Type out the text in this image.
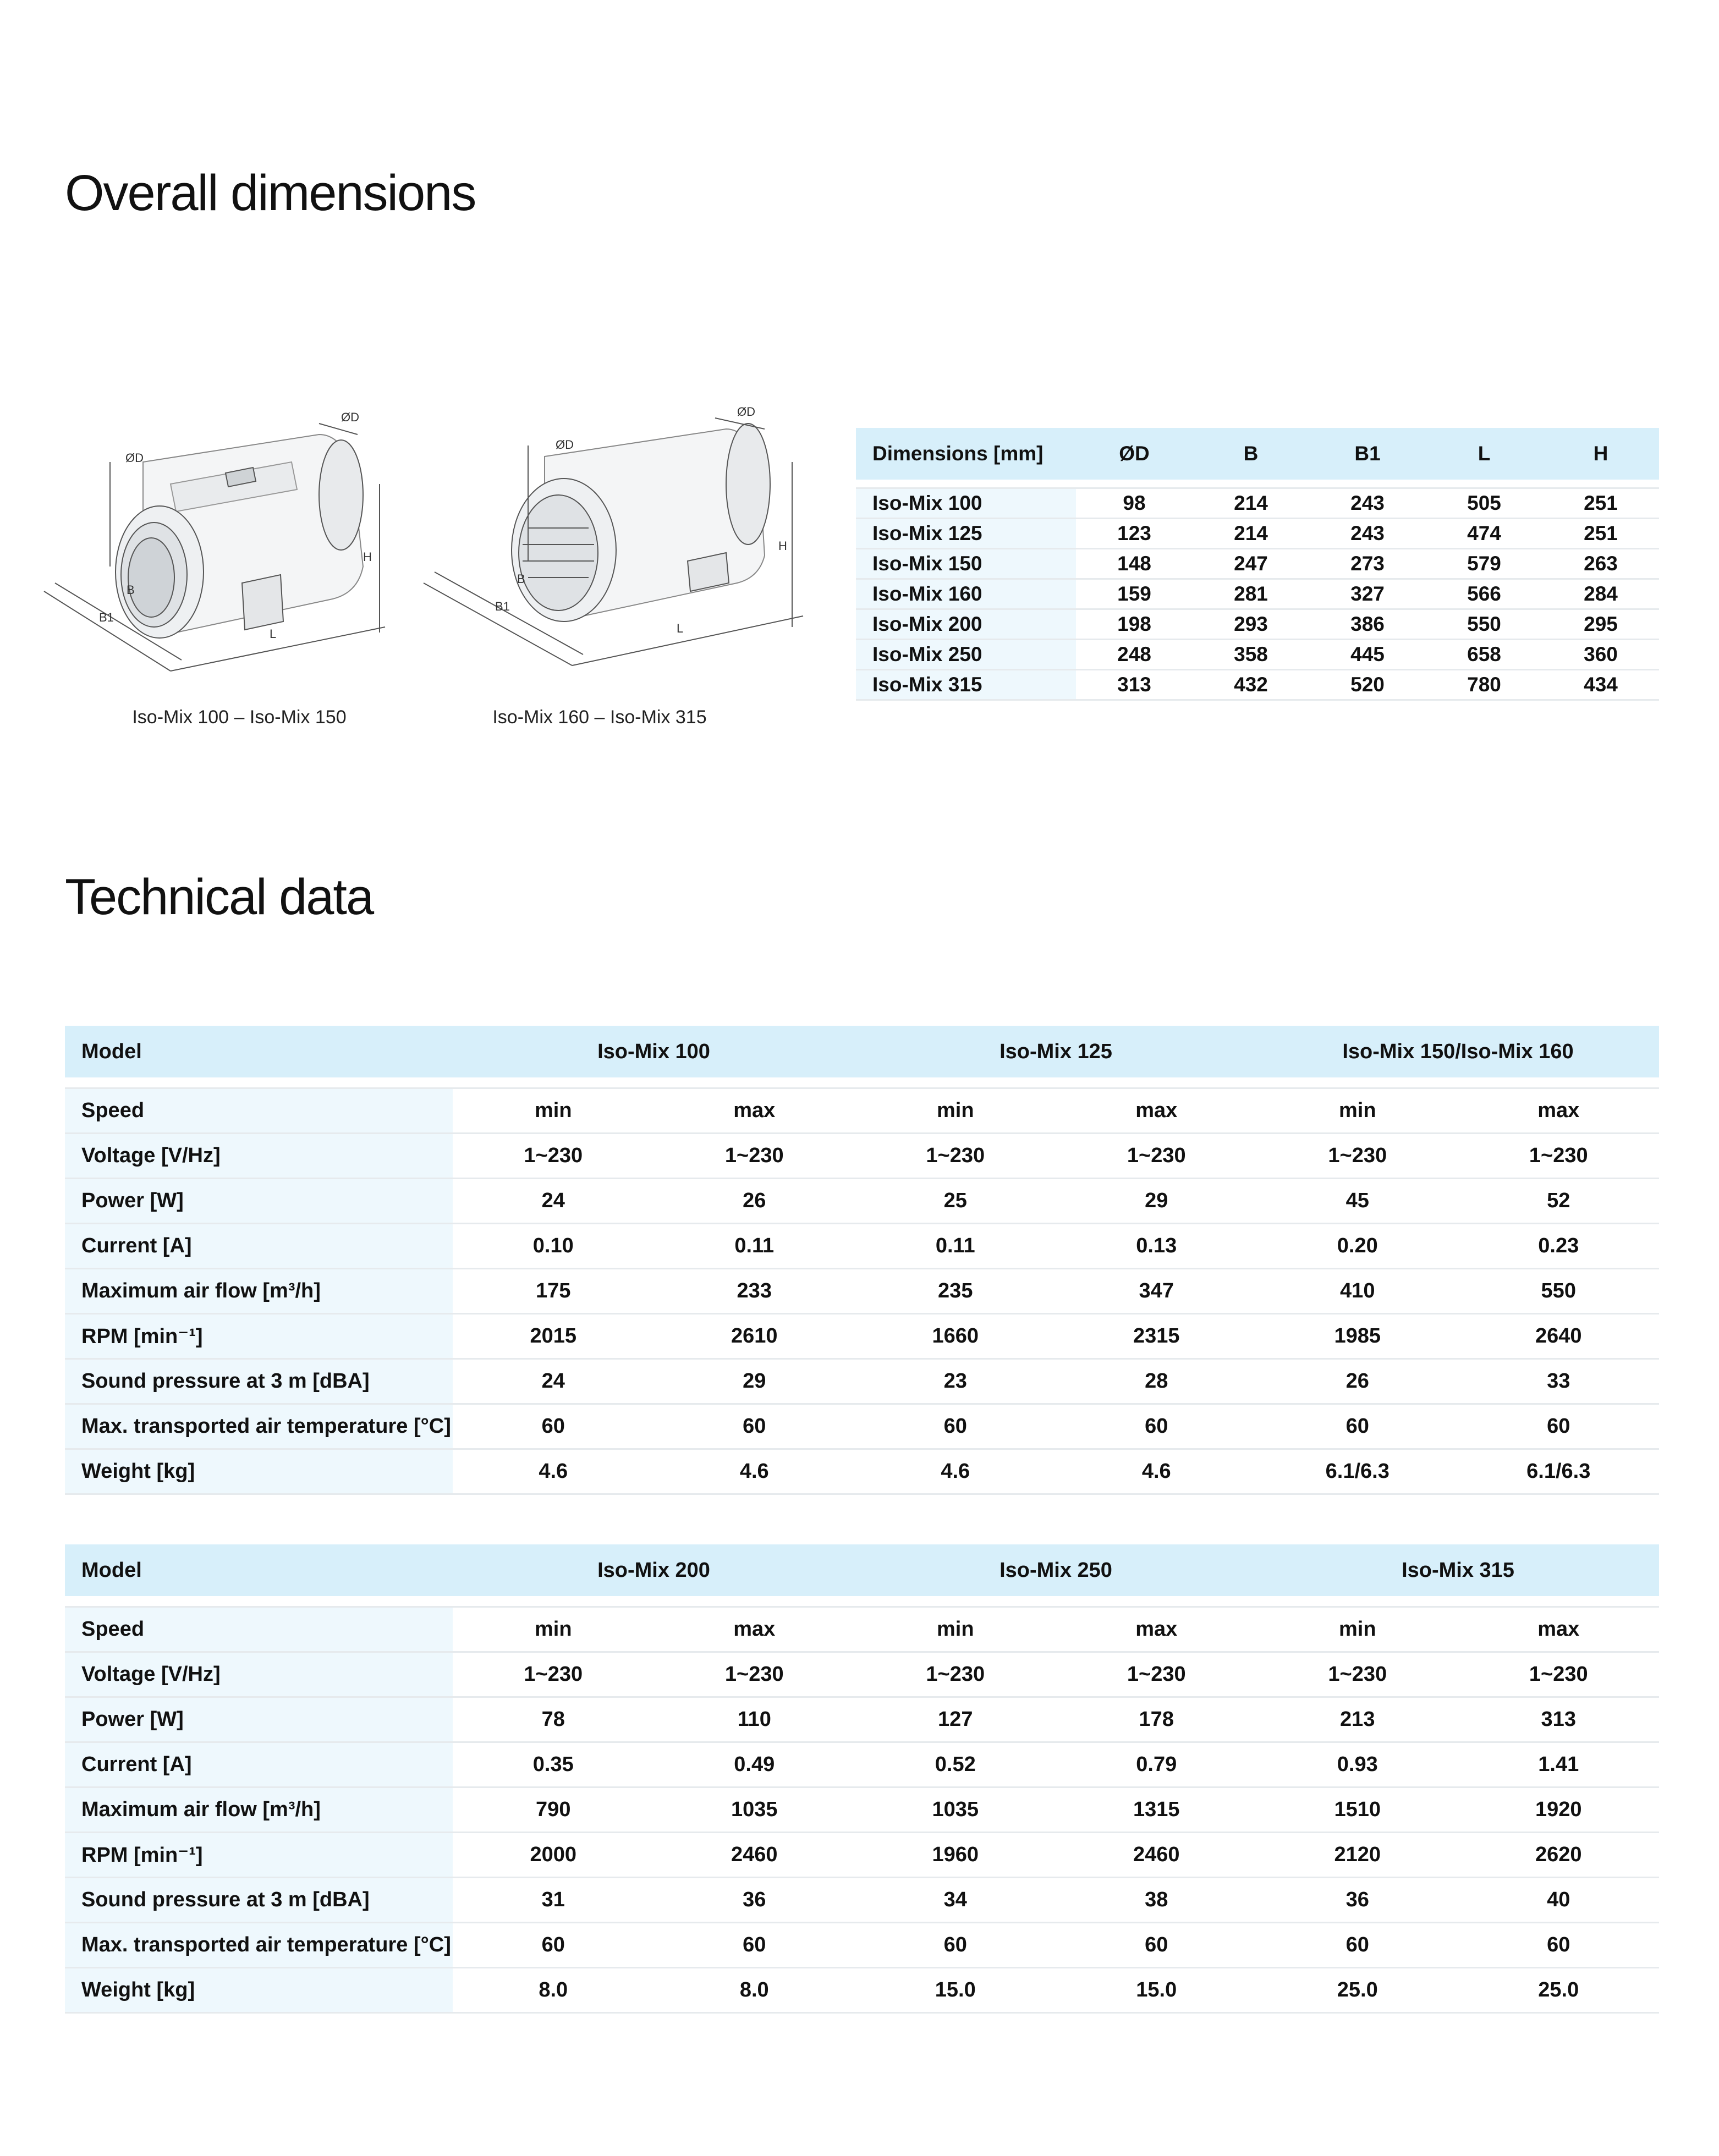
Overall dimensions
ØD
ØD
B
B1
L
H
Iso-Mix 100 – Iso-Mix 150
ØD
ØD
B
B1
L
H
Iso-Mix 160 – Iso-Mix 315
Dimensions [mm]	ØD	B	B1	L	H

Iso-Mix 100	98	214	243	505	251
Iso-Mix 125	123	214	243	474	251
Iso-Mix 150	148	247	273	579	263
Iso-Mix 160	159	281	327	566	284
Iso-Mix 200	198	293	386	550	295
Iso-Mix 250	248	358	445	658	360
Iso-Mix 315	313	432	520	780	434
Technical data
Model	Iso-Mix 100		Iso-Mix 125		Iso-Mix 150/Iso-Mix 160	

Speed	min	max	min	max	min	max
Voltage [V/Hz]	1~230	1~230	1~230	1~230	1~230	1~230
Power [W]	24	26	25	29	45	52
Current [A]	0.10	0.11	0.11	0.13	0.20	0.23
Maximum air flow [m³/h]	175	233	235	347	410	550
RPM [min⁻¹]	2015	2610	1660	2315	1985	2640
Sound pressure at 3 m [dBA]	24	29	23	28	26	33
Max. transported air temperature [°C]	60	60	60	60	60	60
Weight [kg]	4.6	4.6	4.6	4.6	6.1/6.3	6.1/6.3
Model	Iso-Mix 200		Iso-Mix 250		Iso-Mix 315	

Speed	min	max	min	max	min	max
Voltage [V/Hz]	1~230	1~230	1~230	1~230	1~230	1~230
Power [W]	78	110	127	178	213	313
Current [A]	0.35	0.49	0.52	0.79	0.93	1.41
Maximum air flow [m³/h]	790	1035	1035	1315	1510	1920
RPM [min⁻¹]	2000	2460	1960	2460	2120	2620
Sound pressure at 3 m [dBA]	31	36	34	38	36	40
Max. transported air temperature [°C]	60	60	60	60	60	60
Weight [kg]	8.0	8.0	15.0	15.0	25.0	25.0
